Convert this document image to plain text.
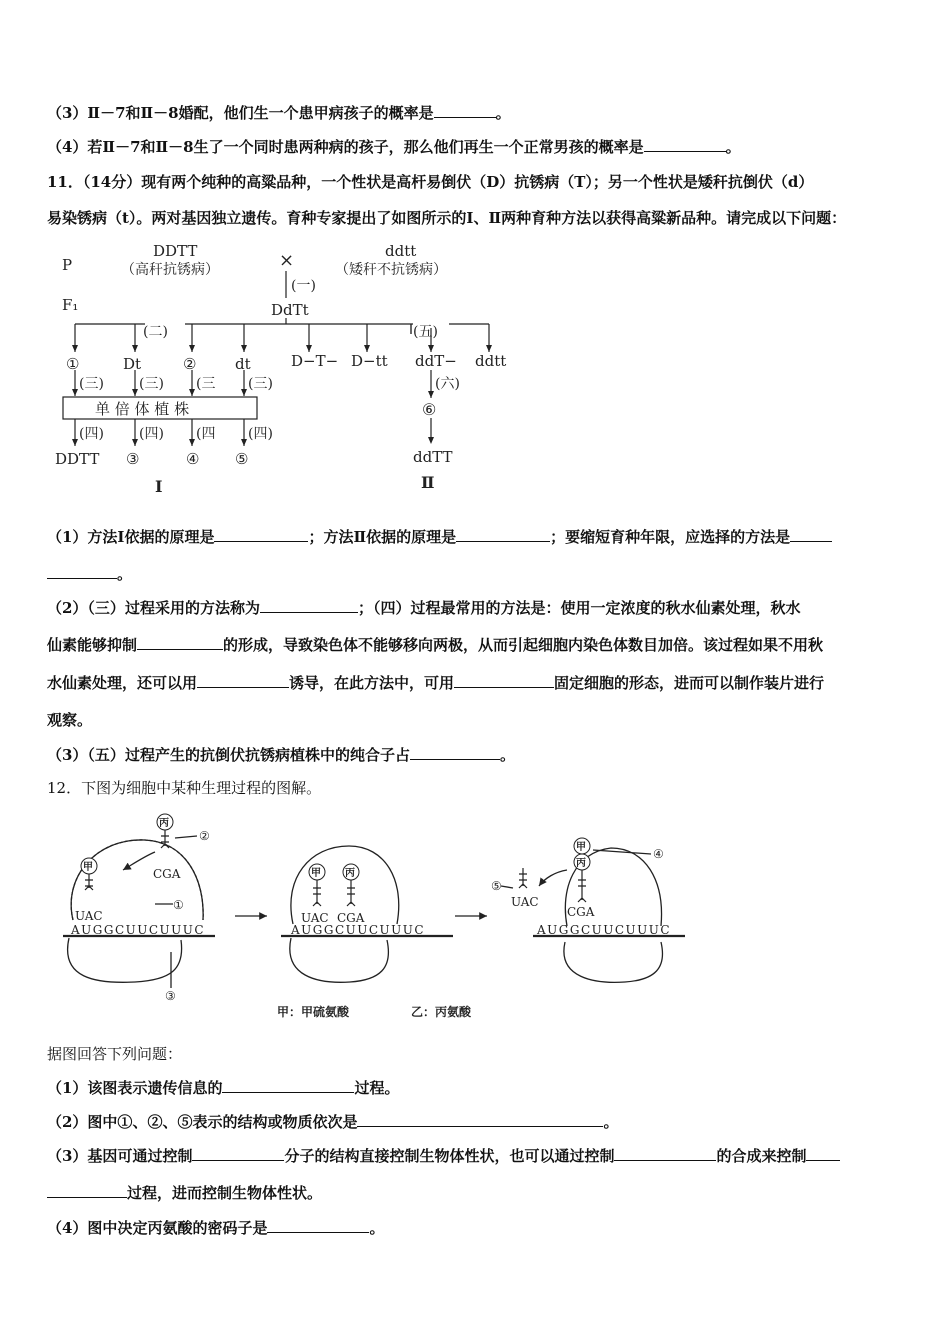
（3）Ⅱ－7和Ⅱ－8婚配，他们生一个患甲病孩子的概率是	。
（4）若Ⅱ－7和Ⅱ－8生了一个同时患两种病的孩子，那么他们再生一个正常男孩的概率是	。
11．（14分）现有两个纯种的高粱品种，一个性状是高杆易倒伏（D）抗锈病（T）；另一个性状是矮秆抗倒伏（d）
易染锈病（t）。两对基因独立遗传。育种专家提出了如图所示的Ⅰ、Ⅱ两种育种方法以获得高粱新品种。请完成以下问题：
P
F₁
DDTT
（高秆抗锈病）	×	ddtt
（矮秆不抗锈病）
(一)
DdTt
(二)	(五)
①	Dt	②	dt
(三)	(三) (三 (三)
单 倍 体 植 株
(四)	(四) (四 (四)
DDTT ③	④ ⑤
Ⅰ
D−T− D−tt ddT− ddtt
(六)
⑥
ddTT
Ⅱ
（1）方法Ⅰ依据的原理是	；方法Ⅱ依据的原理是	；要缩短育种年限，应选择的方法是
。
（2）（三）过程采用的方法称为	；（四）过程最常用的方法是：使用一定浓度的秋水仙素处理，秋水
仙素能够抑制	的形成，导致染色体不能够移向两极，从而引起细胞内染色体数目加倍。该过程如果不用秋
水仙素处理，还可以用	诱导，在此方法中，可用	固定细胞的形态，进而可以制作装片进行
观察。
（3）（五）过程产生的抗倒伏抗锈病植株中的纯合子占	。
12．下图为细胞中某种生理过程的图解。
甲
丙
UAC
CGA
AUGGCUUCUUUC
①
②
③
甲 丙
UAC CGA
AUGGCUUCUUUC
甲
丙
UAC
CGA
AUGGCUUCUUUC
④
⑤
甲：甲硫氨酸	乙：丙氨酸
据图回答下列问题：
（1）该图表示遗传信息的	过程。
（2）图中①、②、⑤表示的结构或物质依次是	。
（3）基因可通过控制	分子的结构直接控制生物体性状，也可以通过控制	的合成来控制
过程，进而控制生物体性状。
（4）图中决定丙氨酸的密码子是	。
